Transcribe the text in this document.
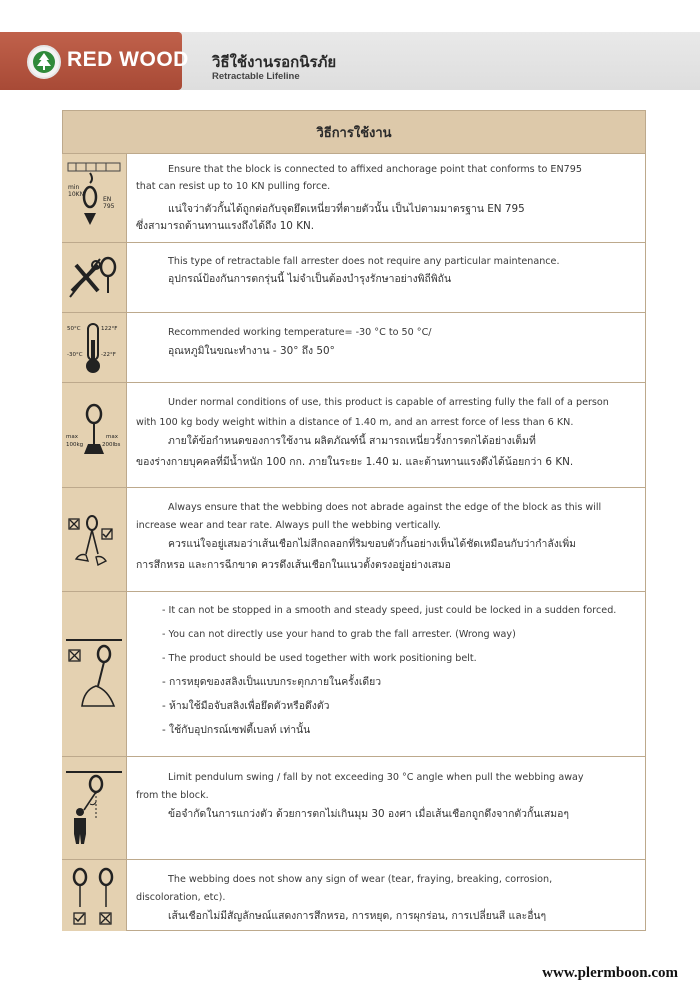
RED WOOD วิธีใช้งานรอกนิรภัย
Retractable Lifeline
วิธีการใช้งาน
min
10KN
EN
795
Ensure that the block is connected to affixed anchorage point that conforms to EN795
that can resist up to 10 KN pulling force.
แน่ใจว่าตัวกั้นได้ถูกต่อกับจุดยึดเหนี่ยวที่ตายตัวนั้น เป็นไปตามมาตรฐาน EN 795
ซึ่งสามารถต้านทานแรงถึงได้ถึง 10 KN.
This type of retractable fall arrester does not require any particular maintenance.
อุปกรณ์ป้องกันการตกรุ่นนี้ ไม่จำเป็นต้องบำรุงรักษาอย่างพิถีพิถัน
50°C
-30°C
122°F
-22°F
Recommended working temperature= -30 °C to 50 °C/
อุณหภูมิในขณะทำงาน - 30° ถึง 50°
max
100kg
max
200lbs
Under normal conditions of use, this product is capable of arresting fully the fall of a person
with 100 kg body weight within a distance of 1.40 m, and an arrest force of less than 6 KN.
ภายใต้ข้อกำหนดของการใช้งาน ผลิตภัณฑ์นี้ สามารถเหนี่ยวรั้งการตกได้อย่างเต็มที่
ของร่างกายบุคคลที่มีน้ำหนัก 100 กก. ภายในระยะ 1.40 ม. และต้านทานแรงดึงได้น้อยกว่า 6 KN.
Always ensure that the webbing does not abrade against the edge of the block as this will
increase wear and tear rate. Always pull the webbing vertically.
ควรแน่ใจอยู่เสมอว่าเส้นเชือกไม่สีกถลอกที่ริมขอบตัวกั้นอย่างเห็นได้ชัดเหมือนกับว่ากำลังเพิ่ม
การสึกหรอ และการฉีกขาด ควรดึงเส้นเชือกในแนวตั้งตรงอยู่อย่างเสมอ
- It can not be stopped in a smooth and steady speed, just could be locked in a sudden forced.
- You can not directly use your hand to grab the fall arrester. (Wrong way)
- The product should be used together with work positioning belt.
- การหยุดของสลิงเป็นแบบกระตุกภายในครั้งเดียว
- ห้ามใช้มือจับสลิงเพื่อยึดตัวหรือดึงตัว
- ใช้กับอุปกรณ์เซฟตี้เบลท์ เท่านั้น
Limit pendulum swing / fall by not exceeding 30 °C angle when pull the webbing away
from the block.
ข้อจำกัดในการแกว่งตัว ด้วยการตกไม่เกินมุม 30 องศา เมื่อเส้นเชือกถูกดึงจากตัวกั้นเสมอๆ
The webbing does not show any sign of wear (tear, fraying, breaking, corrosion,
discoloration, etc).
เส้นเชือกไม่มีสัญลักษณ์แสดงการสึกหรอ, การหยุด, การผุกร่อน, การเปลี่ยนสี และอื่นๆ
www.plermboon.com
